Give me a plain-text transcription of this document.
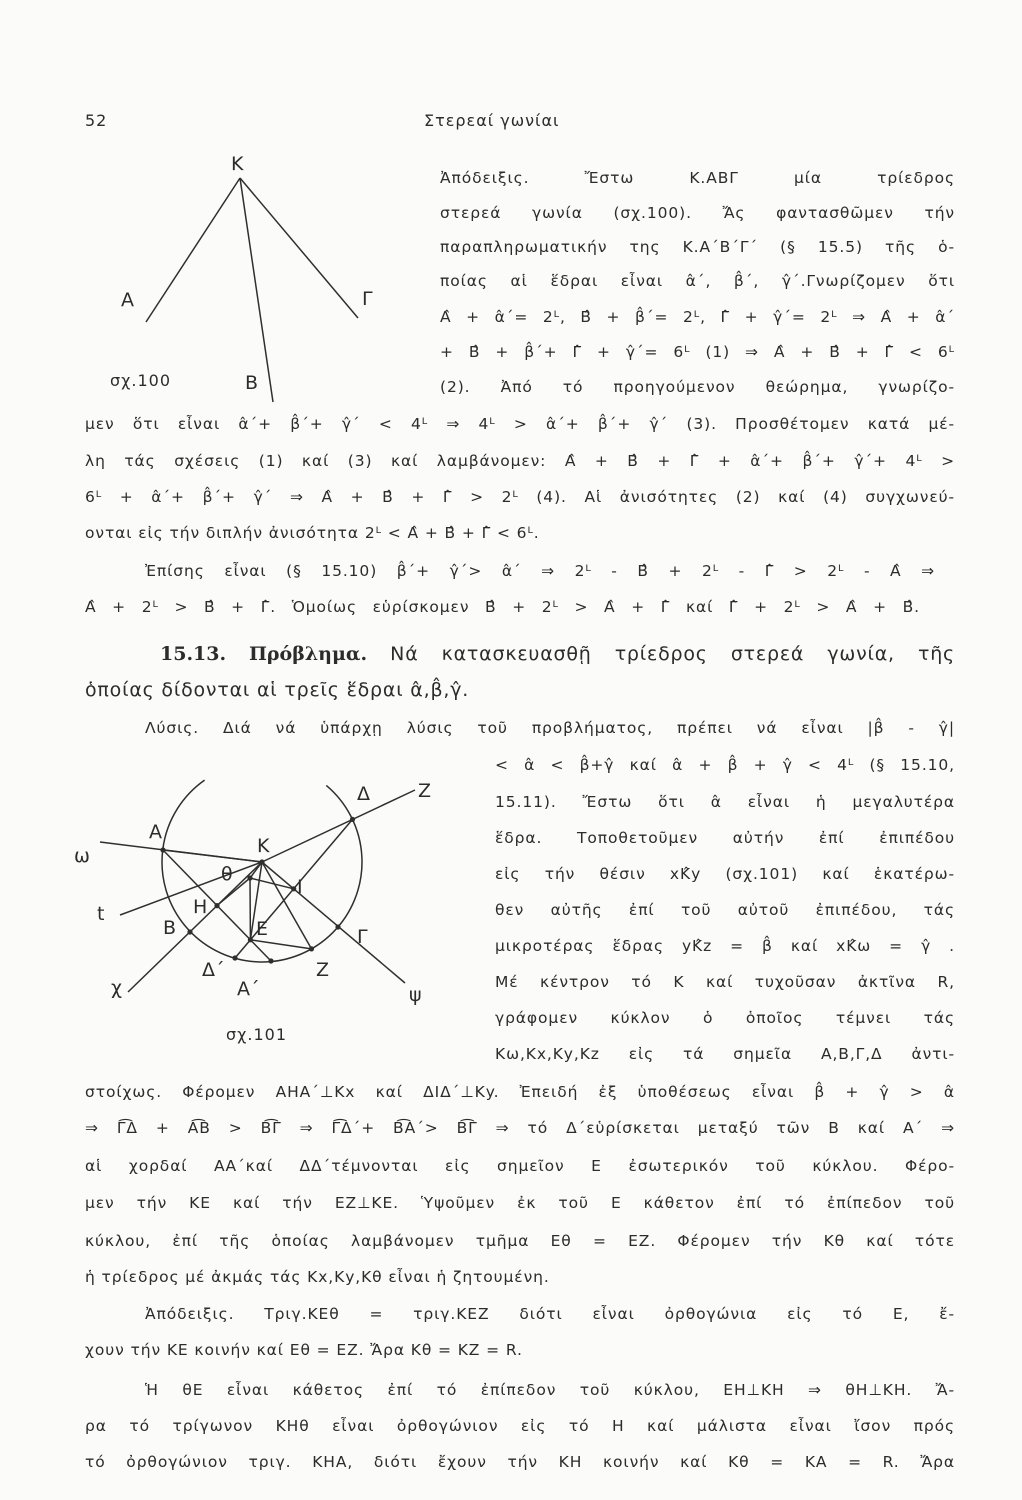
Κ
Α	Γ
Β
σχ.100
ω
Α
Κ
Δ	Ζ
θ
Ι
t	Η
Β	Ε	Γ
χ
Δ΄
Α΄
Ζ
ψ
σχ.101
52	Στερεαί γωνίαι
Ἀπόδειξις. Ἔστω Κ.ΑΒΓ μία τρίεδρος
στερεά γωνία (σχ.100). Ἄς φαντασθῶμεν τήν
παραπληρωματικήν της Κ.Α΄Β΄Γ΄ (§ 15.5) τῆς ὁ-
ποίας αἱ ἕδραι εἶναι α̂΄, β̂΄, γ̂΄.Γνωρίζομεν ὅτι
Α̂ + α̂΄= 2ᴸ, Β̂ + β̂΄= 2ᴸ, Γ̂ + γ̂΄= 2ᴸ ⇒ Α̂ + α̂΄
+ Β̂ + β̂΄+ Γ̂ + γ̂΄= 6ᴸ (1) ⇒ Α̂ + Β̂ + Γ̂ < 6ᴸ
(2). Ἀπό τό προηγούμενον θεώρημα, γνωρίζο-
μεν ὅτι εἶναι α̂΄+ β̂΄+ γ̂΄ < 4ᴸ ⇒ 4ᴸ > α̂΄+ β̂΄+ γ̂΄ (3). Προσθέτομεν κατά μέ-
λη τάς σχέσεις (1) καί (3) καί λαμβάνομεν: Α̂ + Β̂ + Γ̂ + α̂΄+ β̂΄+ γ̂΄+ 4ᴸ >
6ᴸ + α̂΄+ β̂΄+ γ̂΄ ⇒ Α̂ + Β̂ + Γ̂ > 2ᴸ (4). Αἱ ἀνισότητες (2) καί (4) συγχωνεύ-
ονται εἰς τήν διπλήν ἀνισότητα 2ᴸ < Α̂ + Β̂ + Γ̂ < 6ᴸ.
Ἐπίσης εἶναι (§ 15.10) β̂΄+ γ̂΄> α̂΄ ⇒ 2ᴸ - Β̂ + 2ᴸ - Γ̂ > 2ᴸ - Α̂ ⇒
Α̂ + 2ᴸ > Β̂ + Γ̂. Ὁμοίως εὑρίσκομεν Β̂ + 2ᴸ > Α̂ + Γ̂ καί Γ̂ + 2ᴸ > Α̂ + Β̂.
15.13. Πρόβλημα. Νά κατασκευασθῇ τρίεδρος στερεά γωνία, τῆς
ὁποίας δίδονται αἱ τρεῖς ἕδραι α̂,β̂,γ̂.
Λύσις. Διά νά ὑπάρχῃ λύσις τοῦ προβλήματος, πρέπει νά εἶναι |β̂ - γ̂|
< α̂ < β̂+γ̂ καί α̂ + β̂ + γ̂ < 4ᴸ (§ 15.10,
15.11). Ἔστω ὅτι α̂ εἶναι ἡ μεγαλυτέρα
ἕδρα. Τοποθετοῦμεν αὐτήν ἐπί ἐπιπέδου
εἰς τήν θέσιν xΚ̂y (σχ.101) καί ἑκατέρω-
θεν αὐτῆς ἐπί τοῦ αὐτοῦ ἐπιπέδου, τάς
μικροτέρας ἕδρας yΚ̂z = β̂ καί xΚ̂ω = γ̂ .
Μέ κέντρον τό Κ καί τυχοῦσαν ἀκτῖνα R,
γράφομεν κύκλον ὁ ὁποῖος τέμνει τάς
Κω,Κx,Κy,Κz εἰς τά σημεῖα Α,Β,Γ,Δ ἀντι-
στοίχως. Φέρομεν ΑΗΑ΄⊥Κx καί ΔΙΔ΄⊥Κy. Ἐπειδή ἐξ ὑποθέσεως εἶναι β̂ + γ̂ > α̂
⇒ Γ͡Δ + Α͡Β > Β͡Γ ⇒ Γ͡Δ΄+ Β͡Α΄> Β͡Γ ⇒ τό Δ΄εὑρίσκεται μεταξύ τῶν Β καί Α΄ ⇒
αἱ χορδαί ΑΑ΄καί ΔΔ΄τέμνονται εἰς σημεῖον Ε ἐσωτερικόν τοῦ κύκλου. Φέρο-
μεν τήν ΚΕ καί τήν ΕΖ⊥ΚΕ. Ὑψοῦμεν ἐκ τοῦ Ε κάθετον ἐπί τό ἐπίπεδον τοῦ
κύκλου, ἐπί τῆς ὁποίας λαμβάνομεν τμῆμα Εθ = ΕΖ. Φέρομεν τήν Κθ καί τότε
ἡ τρίεδρος μέ ἀκμάς τάς Κx,Κy,Κθ εἶναι ἡ ζητουμένη.
Ἀπόδειξις. Τριγ.ΚΕθ = τριγ.ΚΕΖ διότι εἶναι ὀρθογώνια εἰς τό Ε, ἔ-
χουν τήν ΚΕ κοινήν καί Εθ = ΕΖ. Ἄρα Κθ = ΚΖ = R.
Ἡ θΕ εἶναι κάθετος ἐπί τό ἐπίπεδον τοῦ κύκλου, ΕΗ⊥ΚΗ ⇒ θΗ⊥ΚΗ. Ἄ-
ρα τό τρίγωνον ΚΗθ εἶναι ὀρθογώνιον εἰς τό Η καί μάλιστα εἶναι ἴσον πρός
τό ὀρθογώνιον τριγ. ΚΗΑ, διότι ἔχουν τήν ΚΗ κοινήν καί Κθ = ΚΑ = R. Ἄρα
